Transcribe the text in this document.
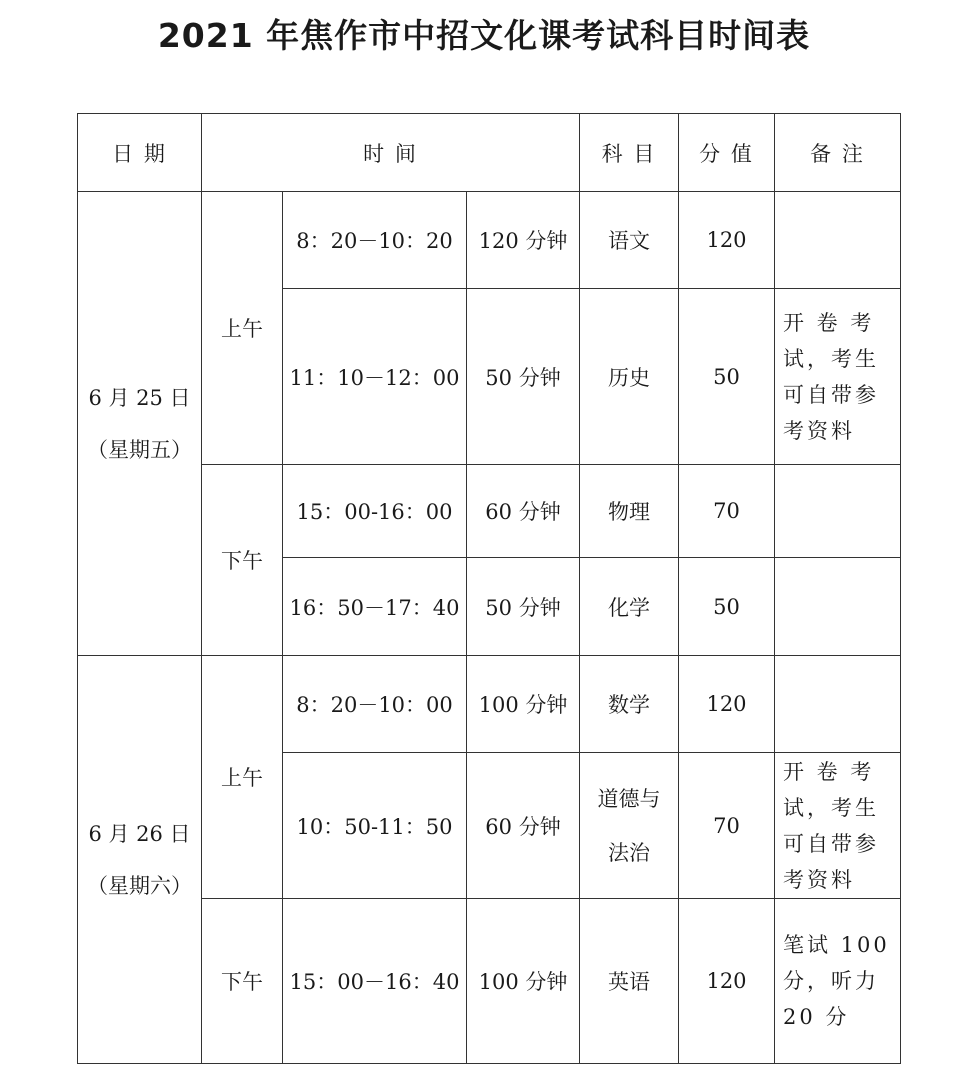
2021 年焦作市中招文化课考试科目时间表
日 期	时 间			科 目	分 值	备 注

6 月 25 日
（星期五）	上午	8：20－10：20	120 分钟	语文	120	
		11：10－12：00	50 分钟	历史	50	开 卷 考
试，考生
可自带参
考资料

	下午	15：00-16：00	60 分钟	物理	70	
		16：50－17：40	50 分钟	化学	50	

6 月 26 日
（星期六）	上午	8：20－10：00	100 分钟	数学	120	
		10：50-11：50	60 分钟	道德与
法治	70	开 卷 考
试，考生
可自带参
考资料

	下午	15：00－16：40	100 分钟	英语	120	笔试 100
分，听力
20 分
